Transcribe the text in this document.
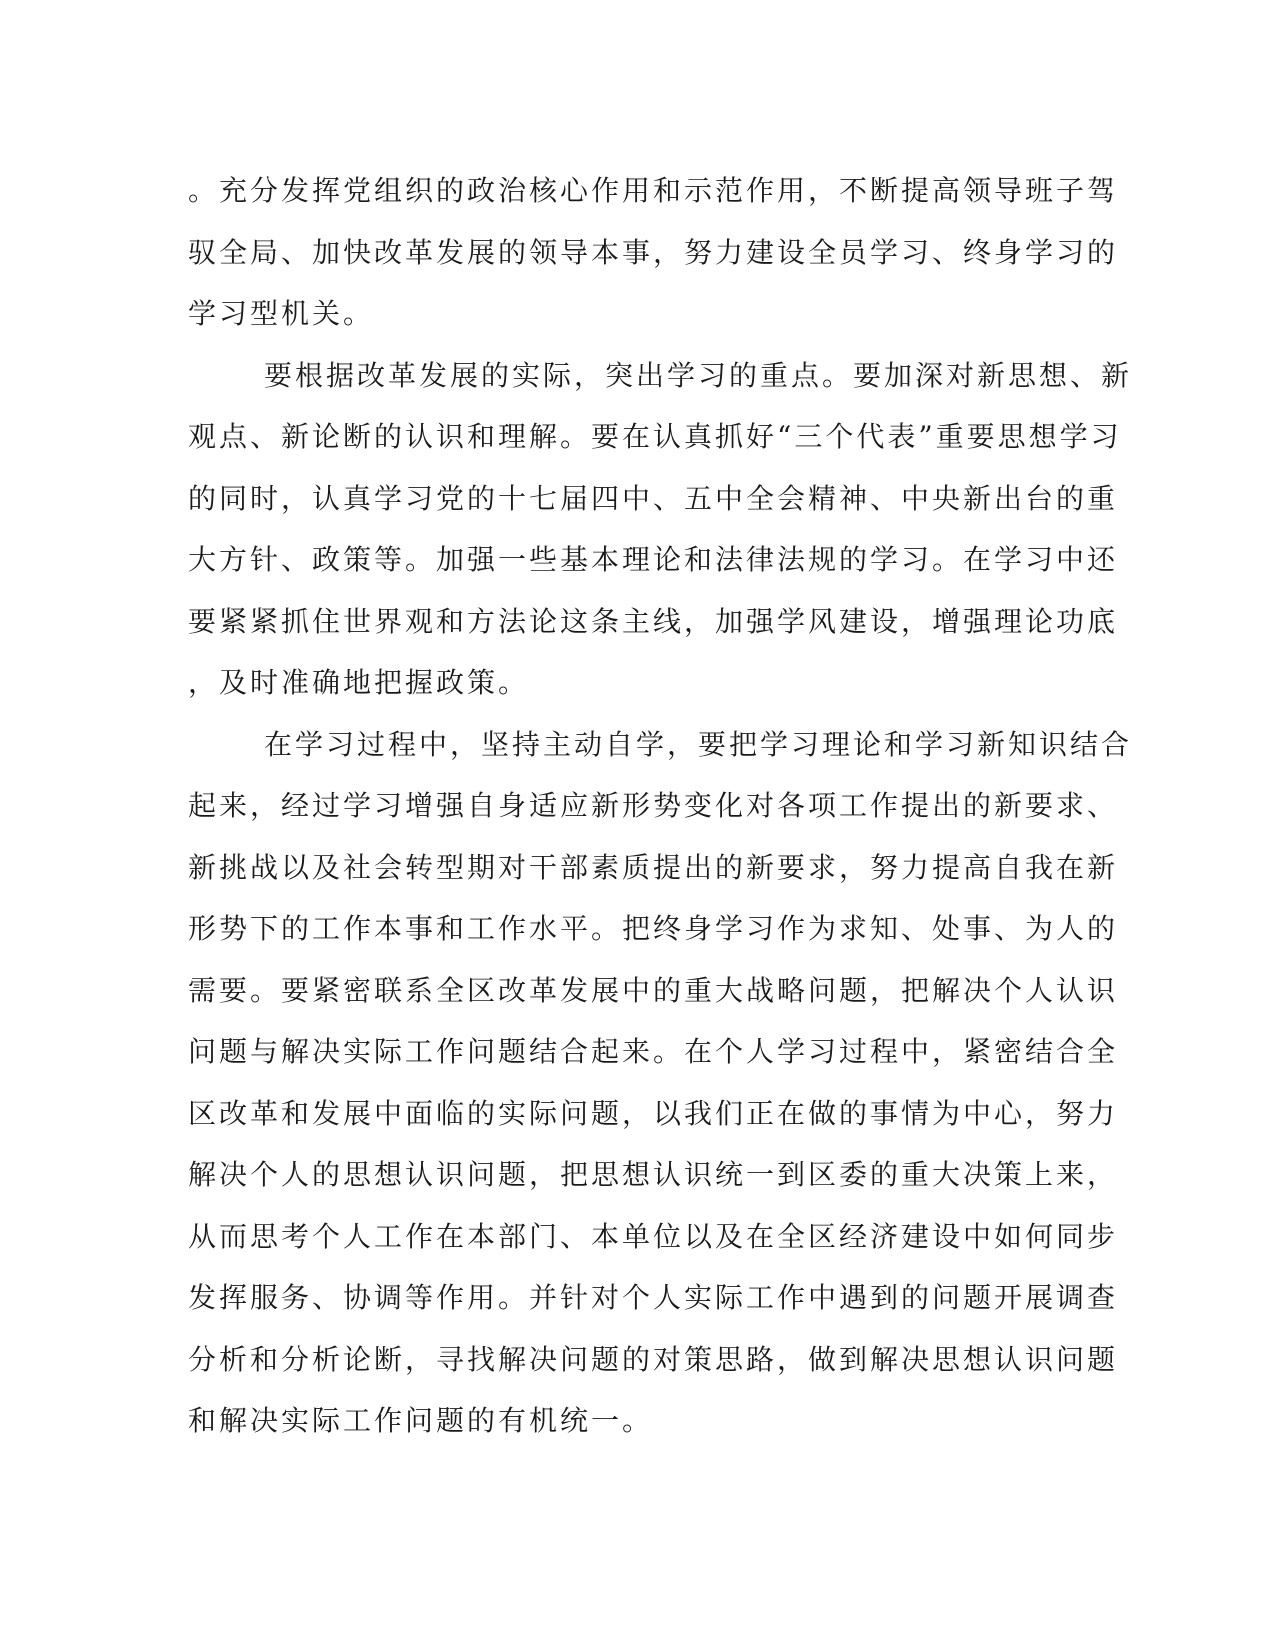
。充分发挥党组织的政治核心作用和示范作用，不断提高领导班子驾
驭全局、加快改革发展的领导本事，努力建设全员学习、终身学习的
学习型机关。
要根据改革发展的实际，突出学习的重点。要加深对新思想、新
观点、新论断的认识和理解。要在认真抓好“三个代表”重要思想学习
的同时，认真学习党的十七届四中、五中全会精神、中央新出台的重
大方针、政策等。加强一些基本理论和法律法规的学习。在学习中还
要紧紧抓住世界观和方法论这条主线，加强学风建设，增强理论功底
，及时准确地把握政策。
在学习过程中，坚持主动自学，要把学习理论和学习新知识结合
起来，经过学习增强自身适应新形势变化对各项工作提出的新要求、
新挑战以及社会转型期对干部素质提出的新要求，努力提高自我在新
形势下的工作本事和工作水平。把终身学习作为求知、处事、为人的
需要。要紧密联系全区改革发展中的重大战略问题，把解决个人认识
问题与解决实际工作问题结合起来。在个人学习过程中，紧密结合全
区改革和发展中面临的实际问题，以我们正在做的事情为中心，努力
解决个人的思想认识问题，把思想认识统一到区委的重大决策上来，
从而思考个人工作在本部门、本单位以及在全区经济建设中如何同步
发挥服务、协调等作用。并针对个人实际工作中遇到的问题开展调查
分析和分析论断，寻找解决问题的对策思路，做到解决思想认识问题
和解决实际工作问题的有机统一。
